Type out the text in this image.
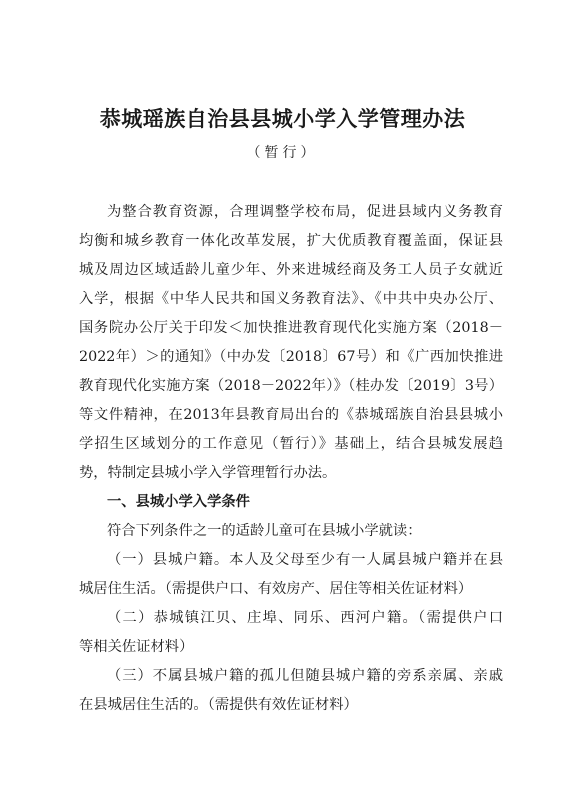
恭城瑶族自治县县城小学入学管理办法
（暂行）
为整合教育资源，合理调整学校布局，促进县域内义务教育
均衡和城乡教育一体化改革发展，扩大优质教育覆盖面，保证县
城及周边区域适龄儿童少年、外来进城经商及务工人员子女就近
入学，根据《中华人民共和国义务教育法》、《中共中央办公厅、
国务院办公厅关于印发＜加快推进教育现代化实施方案（2018－
2022年）＞的通知》（中办发〔2018〕67号）和《广西加快推进
教育现代化实施方案（2018－2022年）》（桂办发〔2019〕3号）
等文件精神，在2013年县教育局出台的《恭城瑶族自治县县城小
学招生区域划分的工作意见（暂行）》基础上，结合县城发展趋
势，特制定县城小学入学管理暂行办法。
一、县城小学入学条件
符合下列条件之一的适龄儿童可在县城小学就读：
（一）县城户籍。本人及父母至少有一人属县城户籍并在县
城居住生活。（需提供户口、有效房产、居住等相关佐证材料）
（二）恭城镇江贝、庄埠、同乐、西河户籍。（需提供户口
等相关佐证材料）
（三）不属县城户籍的孤儿但随县城户籍的旁系亲属、亲戚
在县城居住生活的。（需提供有效佐证材料）
